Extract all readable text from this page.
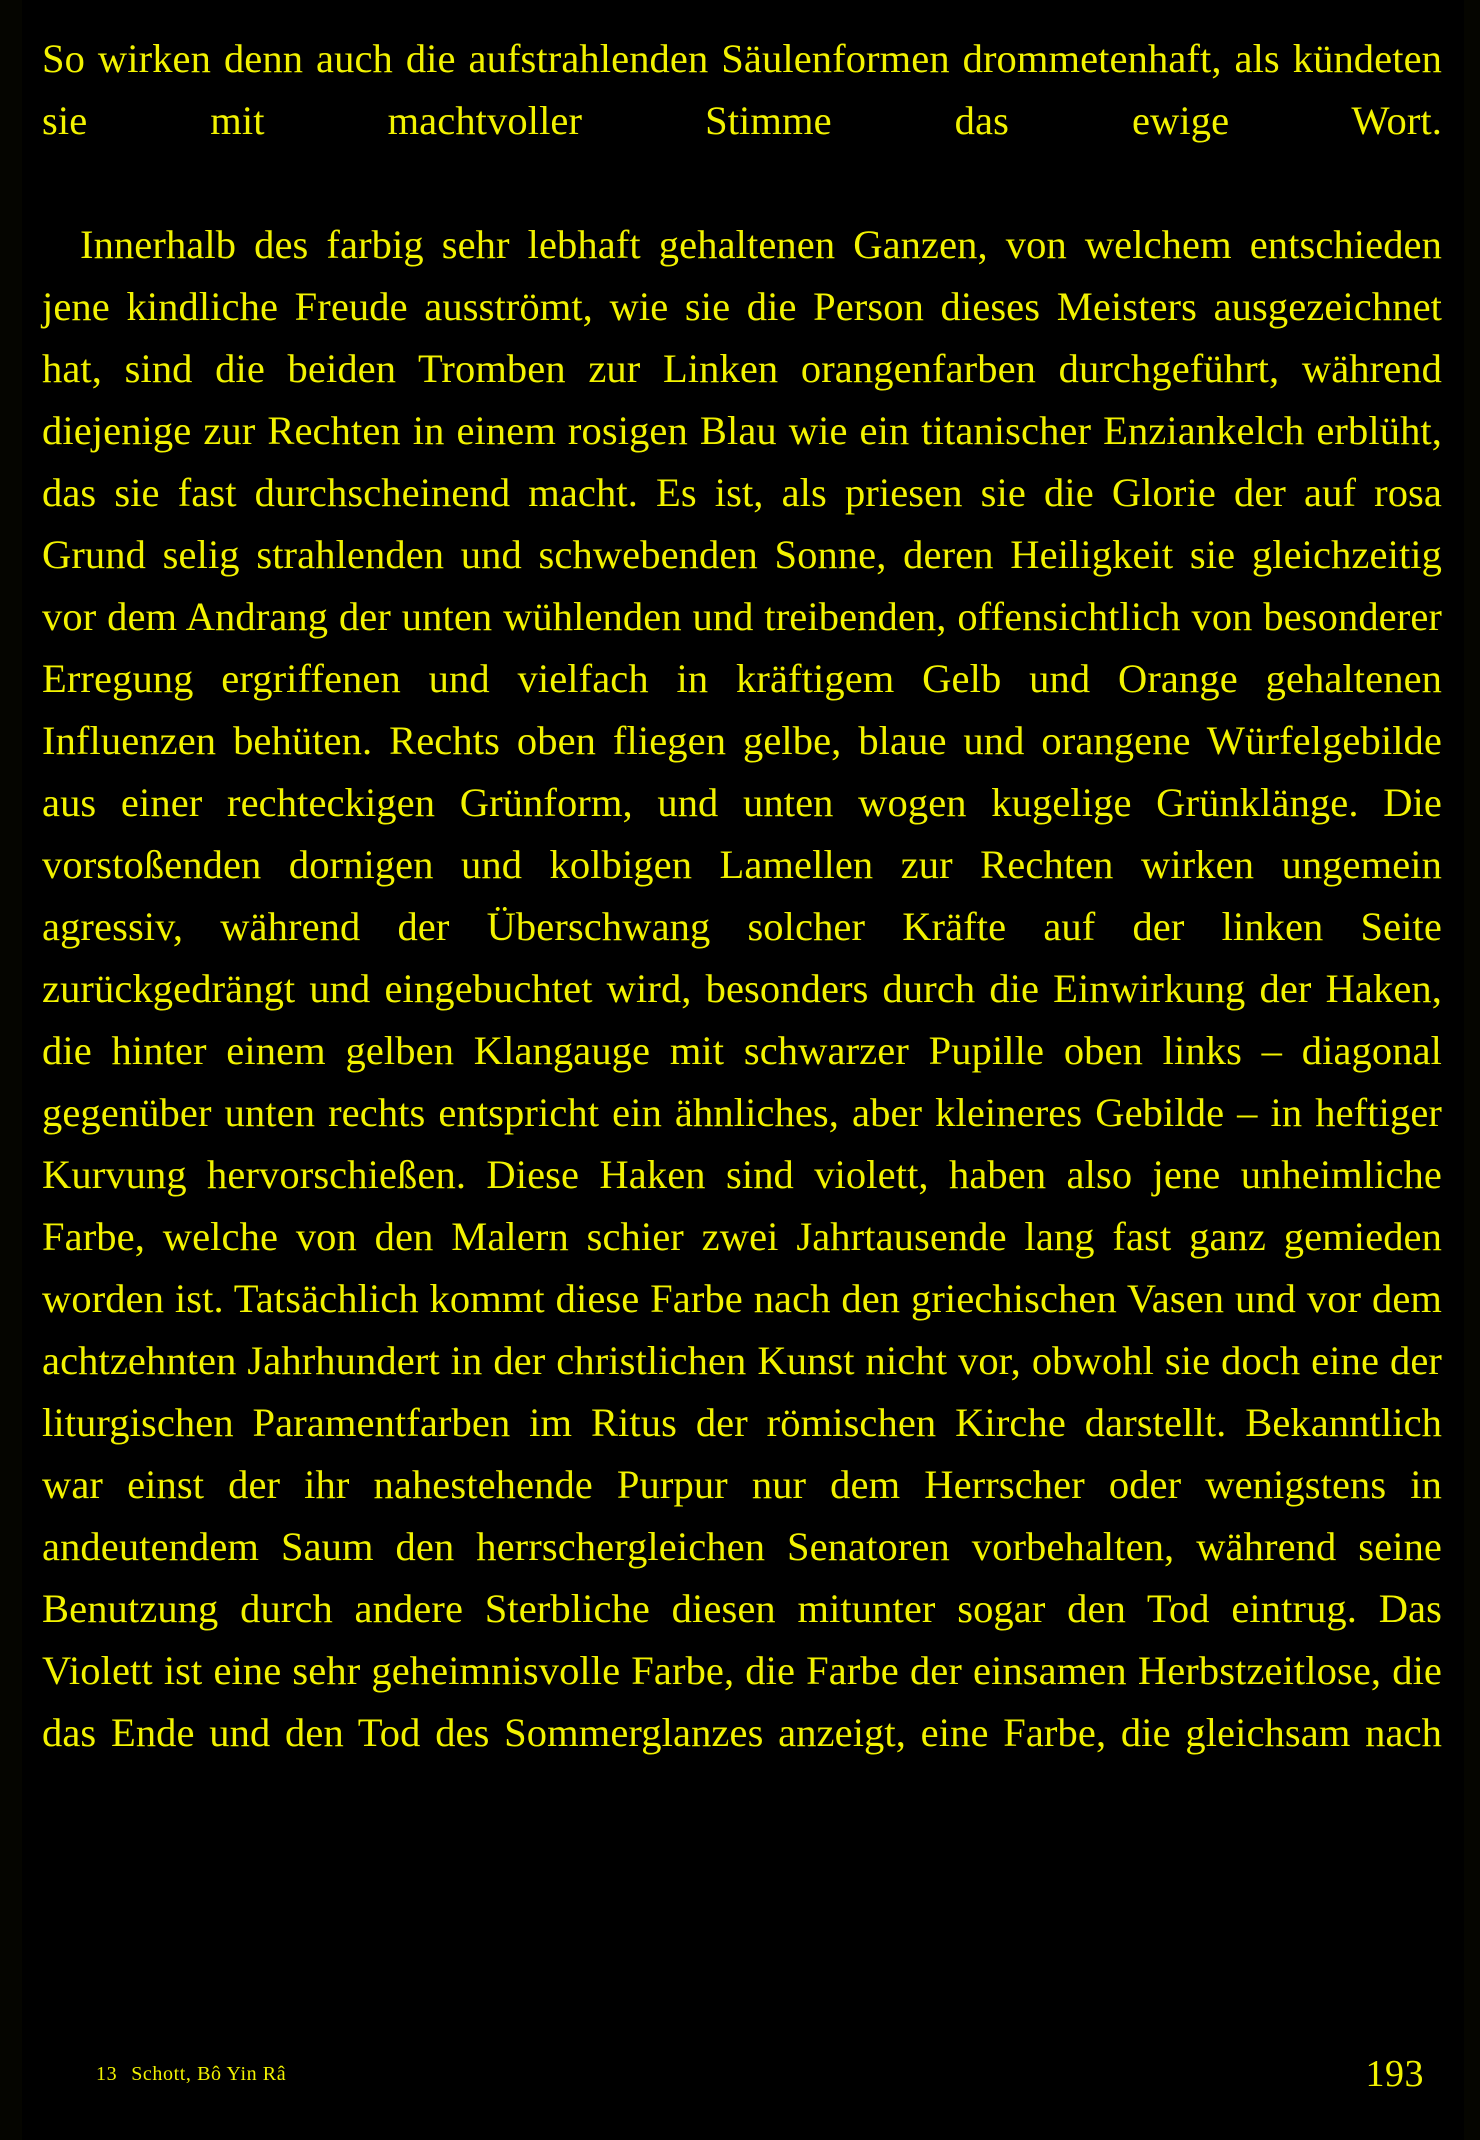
So wirken denn auch die aufstrahlenden Säulenformen drommetenhaft, als kündeten sie mit machtvoller Stimme das ewige Wort.

Innerhalb des farbig sehr lebhaft gehaltenen Ganzen, von welchem entschieden jene kindliche Freude ausströmt, wie sie die Person dieses Meisters ausgezeichnet hat, sind die beiden Tromben zur Linken orangenfarben durchgeführt, während diejenige zur Rechten in einem rosigen Blau wie ein titanischer Enziankelch erblüht, das sie fast durchscheinend macht. Es ist, als priesen sie die Glorie der auf rosa Grund selig strahlenden und schwebenden Sonne, deren Heiligkeit sie gleichzeitig vor dem Andrang der unten wühlenden und treibenden, offensichtlich von besonderer Erregung ergriffenen und vielfach in kräftigem Gelb und Orange gehaltenen Influenzen behüten. Rechts oben fliegen gelbe, blaue und orangene Würfelgebilde aus einer rechteckigen Grünform, und unten wogen kugelige Grünklänge. Die vorstoßenden dornigen und kolbigen Lamellen zur Rechten wirken ungemein agressiv, während der Überschwang solcher Kräfte auf der linken Seite zurückgedrängt und eingebuchtet wird, besonders durch die Einwirkung der Haken, die hinter einem gelben Klangauge mit schwarzer Pupille oben links – diagonal gegenüber unten rechts entspricht ein ähnliches, aber kleineres Gebilde – in heftiger Kurvung hervorschießen. Diese Haken sind violett, haben also jene unheimliche Farbe, welche von den Malern schier zwei Jahrtausende lang fast ganz gemieden worden ist. Tatsächlich kommt diese Farbe nach den griechischen Vasen und vor dem achtzehnten Jahrhundert in der christlichen Kunst nicht vor, obwohl sie doch eine der liturgischen Paramentfarben im Ritus der römischen Kirche darstellt. Bekanntlich war einst der ihr nahestehende Purpur nur dem Herrscher oder wenigstens in andeutendem Saum den herrschergleichen Senatoren vorbehalten, während seine Benutzung durch andere Sterbliche diesen mitunter sogar den Tod eintrug. Das Violett ist eine sehr geheimnisvolle Farbe, die Farbe der einsamen Herbstzeitlose, die das Ende und den Tod des Sommerglanzes anzeigt, eine Farbe, die gleichsam nach

13 Schott, Bô Yin Râ	193
